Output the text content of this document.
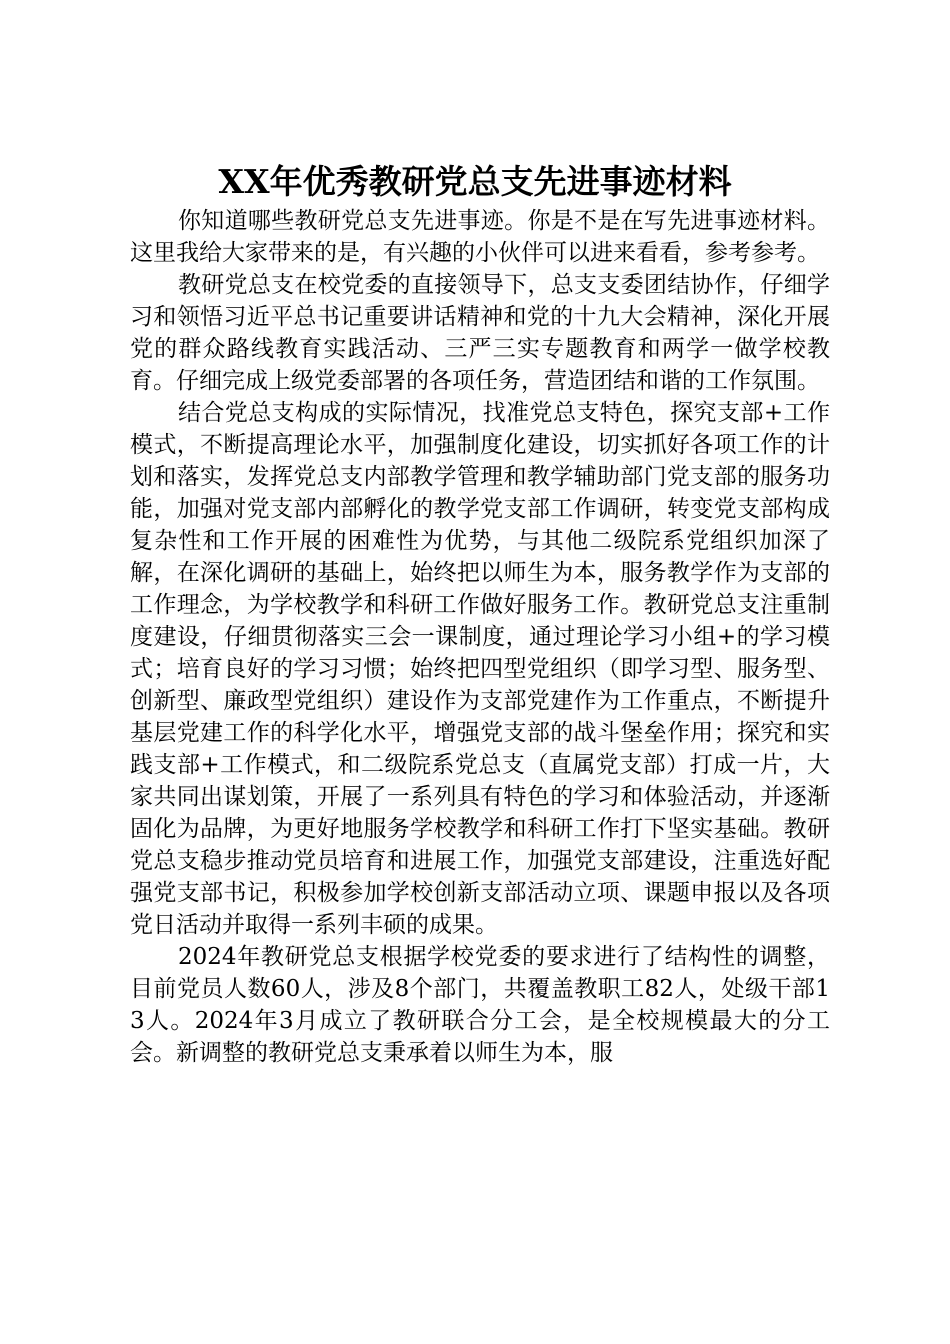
XX年优秀教研党总支先进事迹材料

你知道哪些教研党总支先进事迹。你是不是在写先进事迹材料。这里我给大家带来的是，有兴趣的小伙伴可以进来看看，参考参考。

教研党总支在校党委的直接领导下，总支支委团结协作，仔细学习和领悟习近平总书记重要讲话精神和党的十九大会精神，深化开展党的群众路线教育实践活动、三严三实专题教育和两学一做学校教育。仔细完成上级党委部署的各项任务，营造团结和谐的工作氛围。

结合党总支构成的实际情况，找准党总支特色，探究支部+工作模式，不断提高理论水平，加强制度化建设，切实抓好各项工作的计划和落实，发挥党总支内部教学管理和教学辅助部门党支部的服务功能，加强对党支部内部孵化的教学党支部工作调研，转变党支部构成复杂性和工作开展的困难性为优势，与其他二级院系党组织加深了解，在深化调研的基础上，始终把以师生为本，服务教学作为支部的工作理念，为学校教学和科研工作做好服务工作。教研党总支注重制度建设，仔细贯彻落实三会一课制度，通过理论学习小组+的学习模式；培育良好的学习习惯；始终把四型党组织（即学习型、服务型、创新型、廉政型党组织）建设作为支部党建作为工作重点，不断提升基层党建工作的科学化水平，增强党支部的战斗堡垒作用；探究和实践支部+工作模式，和二级院系党总支（直属党支部）打成一片，大家共同出谋划策，开展了一系列具有特色的学习和体验活动，并逐渐固化为品牌，为更好地服务学校教学和科研工作打下坚实基础。教研党总支稳步推动党员培育和进展工作，加强党支部建设，注重选好配强党支部书记，积极参加学校创新支部活动立项、课题申报以及各项党日活动并取得一系列丰硕的成果。

2024年教研党总支根据学校党委的要求进行了结构性的调整，目前党员人数60人，涉及8个部门，共覆盖教职工82人，处级干部13人。2024年3月成立了教研联合分工会，是全校规模最大的分工会。新调整的教研党总支秉承着以师生为本，服
